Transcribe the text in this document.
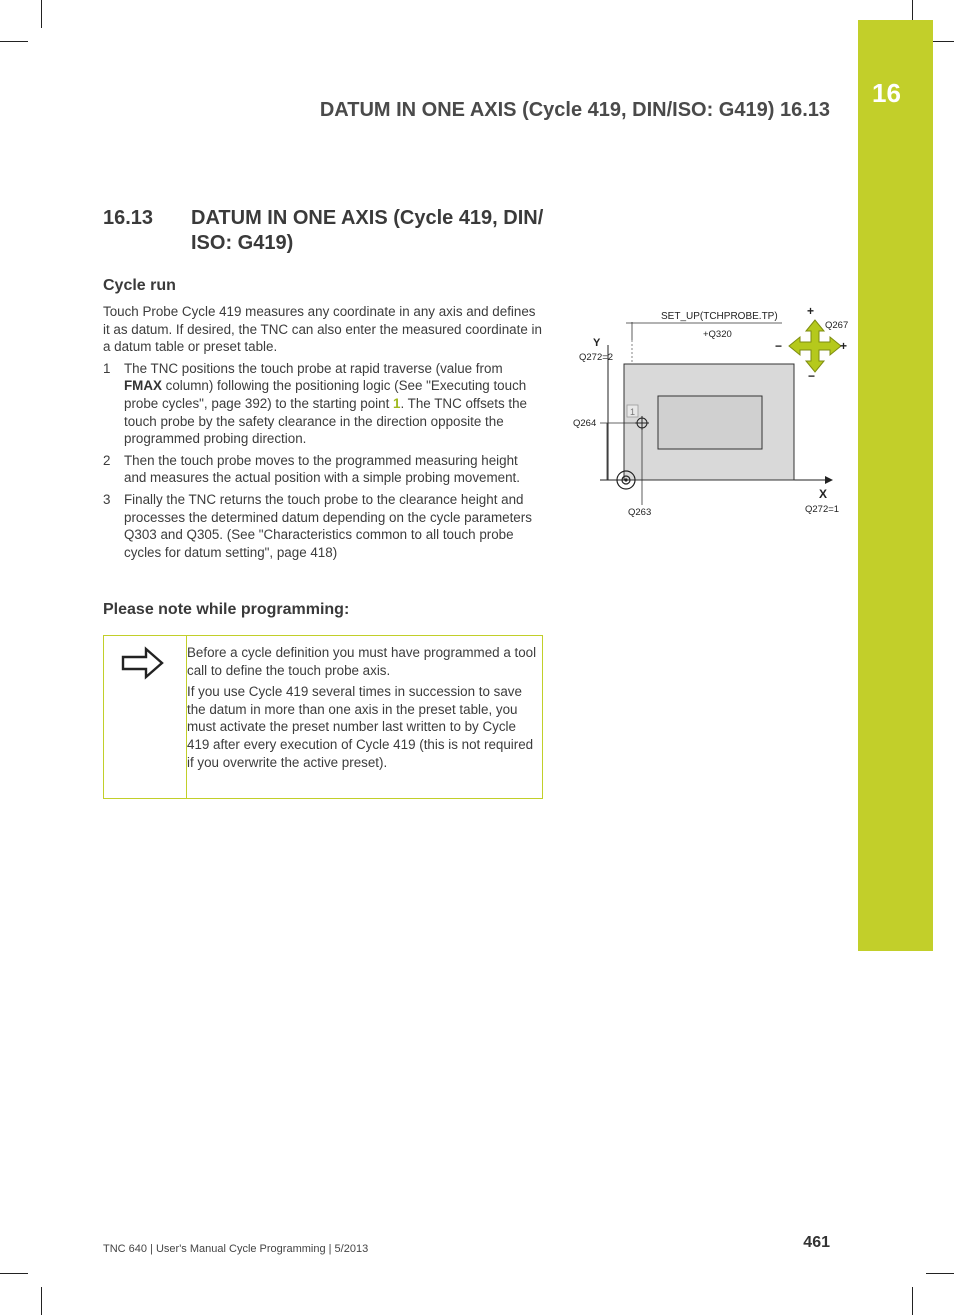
16
DATUM IN ONE AXIS (Cycle 419, DIN/ISO: G419) 16.13
16.13 DATUM IN ONE AXIS (Cycle 419, DIN/ ISO: G419)
Cycle run

Touch Probe Cycle 419 measures any coordinate in any axis and defines it as datum. If desired, the TNC can also enter the measured coordinate in a datum table or preset table.

1 The TNC positions the touch probe at rapid traverse (value from FMAX column) following the positioning logic (See "Executing touch probe cycles", page 392) to the starting point 1. The TNC offsets the touch probe by the safety clearance in the direction opposite the programmed probing direction.
2 Then the touch probe moves to the programmed measuring height and measures the actual position with a simple probing movement.
3 Finally the TNC returns the touch probe to the clearance height and processes the determined datum depending on the cycle parameters Q303 and Q305. (See "Characteristics common to all touch probe cycles for datum setting", page 418)
Please note while programming:

Before a cycle definition you must have programmed a tool call to define the touch probe axis.

If you use Cycle 419 several times in succession to save the datum in more than one axis in the preset table, you must activate the preset number last written to by Cycle 419 after every execution of Cycle 419 (this is not required if you overwrite the active preset).

SET_UP(TCHPROBE.TP)
+Q320
Q267
+
+
−
−
Y
Q272=2
Q264
1
X
Q263	Q272=1
TNC 640 | User's Manual Cycle Programming | 5/2013	461
